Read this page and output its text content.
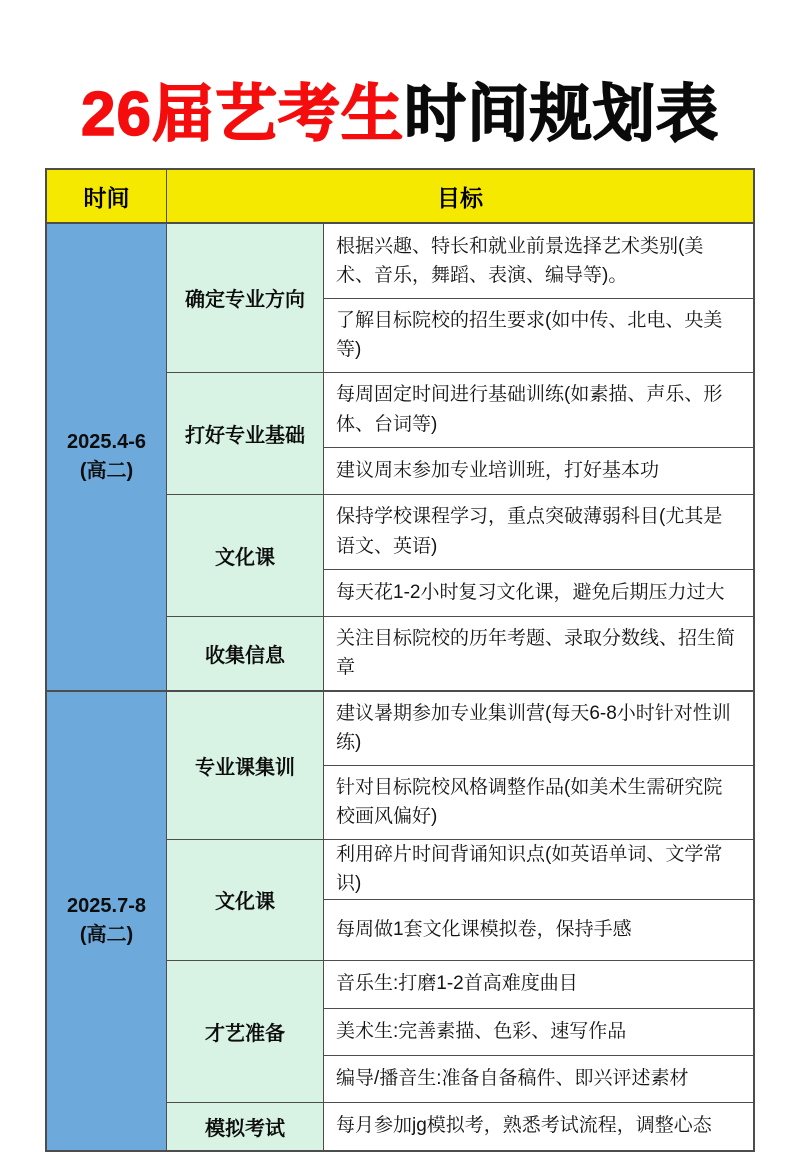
26届艺考生时间规划表
时间	目标
2025.4-6
(高二)
确定专业方向
根据兴趣、特长和就业前景选择艺术类别(美术、音乐，舞蹈、表演、编导等)。
了解目标院校的招生要求(如中传、北电、央美等)
打好专业基础
每周固定时间进行基础训练(如素描、声乐、形体、台词等)
建议周末参加专业培训班，打好基本功
文化课
保持学校课程学习，重点突破薄弱科目(尤其是语文、英语)
每天花1-2小时复习文化课，避免后期压力过大
收集信息
关注目标院校的历年考题、录取分数线、招生简章
2025.7-8
(高二)
专业课集训
建议暑期参加专业集训营(每天6-8小时针对性训练)
针对目标院校风格调整作品(如美术生需研究院校画风偏好)
文化课
利用碎片时间背诵知识点(如英语单词、文学常识)
每周做1套文化课模拟卷，保持手感
才艺准备
音乐生:打磨1-2首高难度曲目
美术生:完善素描、色彩、速写作品
编导/播音生:准备自备稿件、即兴评述素材
模拟考试	每月参加jg模拟考，熟悉考试流程，调整心态
